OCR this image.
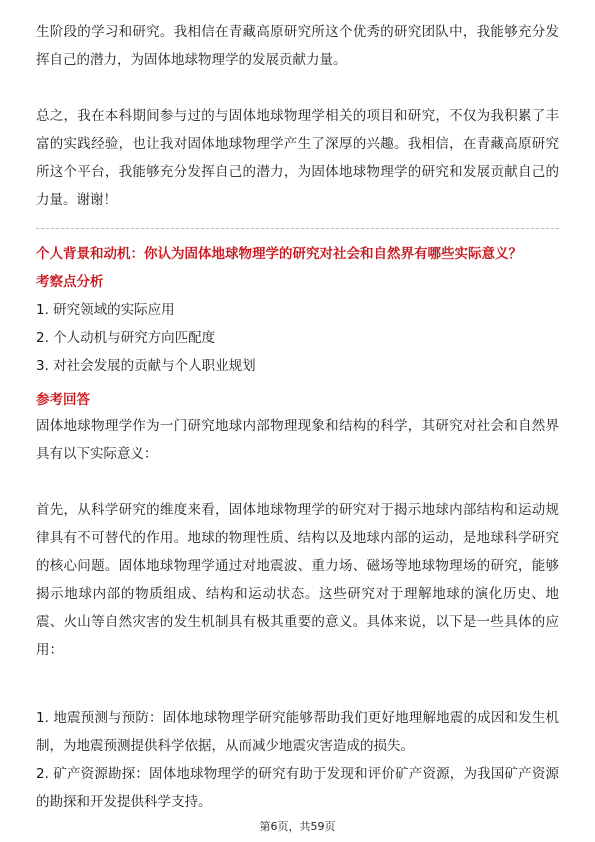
生阶段的学习和研究。我相信在青藏高原研究所这个优秀的研究团队中，我能够充分发挥自己的潜力，为固体地球物理学的发展贡献力量。

总之，我在本科期间参与过的与固体地球物理学相关的项目和研究，不仅为我积累了丰富的实践经验，也让我对固体地球物理学产生了深厚的兴趣。我相信，在青藏高原研究所这个平台，我能够充分发挥自己的潜力，为固体地球物理学的研究和发展贡献自己的力量。谢谢！

个人背景和动机：你认为固体地球物理学的研究对社会和自然界有哪些实际意义？

考察点分析

1. 研究领域的实际应用

2. 个人动机与研究方向匹配度

3. 对社会发展的贡献与个人职业规划

参考回答

固体地球物理学作为一门研究地球内部物理现象和结构的科学，其研究对社会和自然界具有以下实际意义：

首先，从科学研究的维度来看，固体地球物理学的研究对于揭示地球内部结构和运动规律具有不可替代的作用。地球的物理性质、结构以及地球内部的运动，是地球科学研究的核心问题。固体地球物理学通过对地震波、重力场、磁场等地球物理场的研究，能够揭示地球内部的物质组成、结构和运动状态。这些研究对于理解地球的演化历史、地震、火山等自然灾害的发生机制具有极其重要的意义。具体来说，以下是一些具体的应用：

1. 地震预测与预防：固体地球物理学研究能够帮助我们更好地理解地震的成因和发生机制，为地震预测提供科学依据，从而减少地震灾害造成的损失。

2. 矿产资源勘探：固体地球物理学的研究有助于发现和评价矿产资源，为我国矿产资源的勘探和开发提供科学支持。

第6页，共59页
